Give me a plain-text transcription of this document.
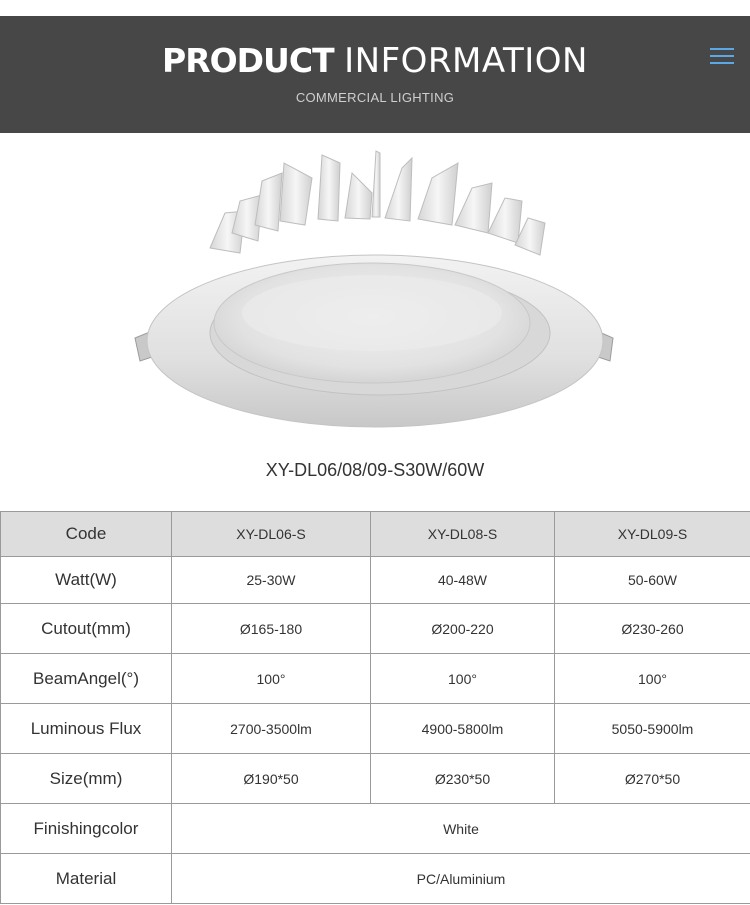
PRODUCT INFORMATION
COMMERCIAL LIGHTING
XY-DL06/08/09-S30W/60W
Code	XY-DL06-S	XY-DL08-S	XY-DL09-S
Watt(W)	25-30W	40-48W	50-60W
Cutout(mm)	Ø165-180	Ø200-220	Ø230-260
BeamAngel(°)	100°	100°	100°
Luminous Flux	2700-3500lm	4900-5800lm	5050-5900lm
Size(mm)	Ø190*50	Ø230*50	Ø270*50
Finishingcolor	White		
Material	PC/Aluminium		
